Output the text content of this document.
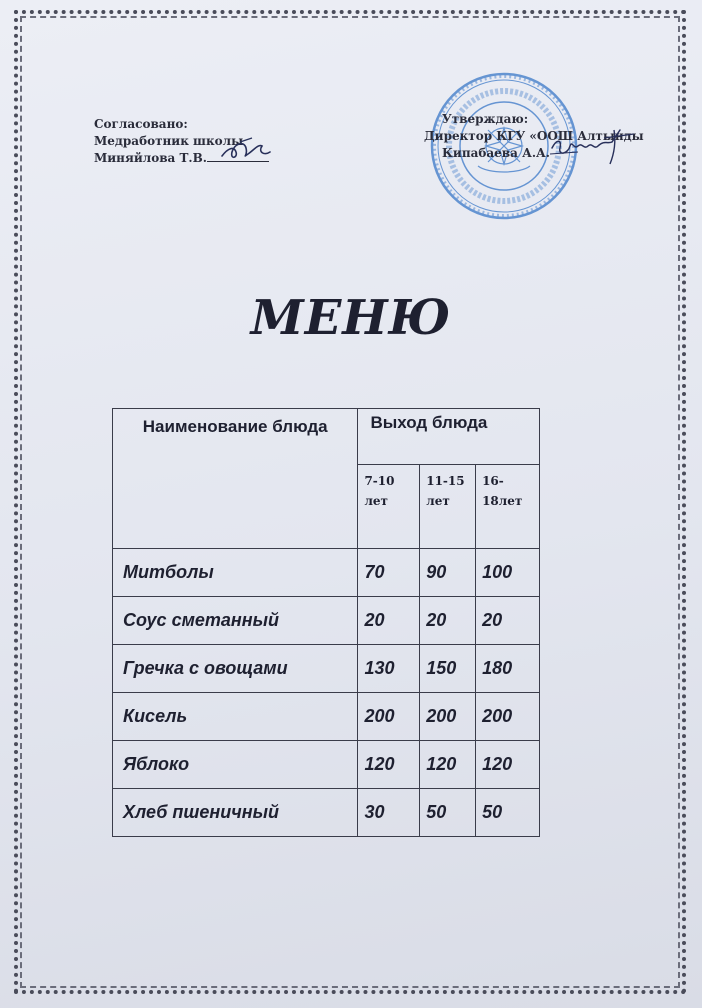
Согласовано:
Медработник школы
Миняйлова Т.В.
Утверждаю:
Директор КГУ «ООШ Алтынды
Кипабаева А.А.
МЕНЮ
Наименование блюда	Выход блюда		
	7-10 лет	11-15 лет	16-18лет
Митболы	70	90	100
Соус сметанный	20	20	20
Гречка с овощами	130	150	180
Кисель	200	200	200
Яблоко	120	120	120
Хлеб пшеничный	30	50	50
